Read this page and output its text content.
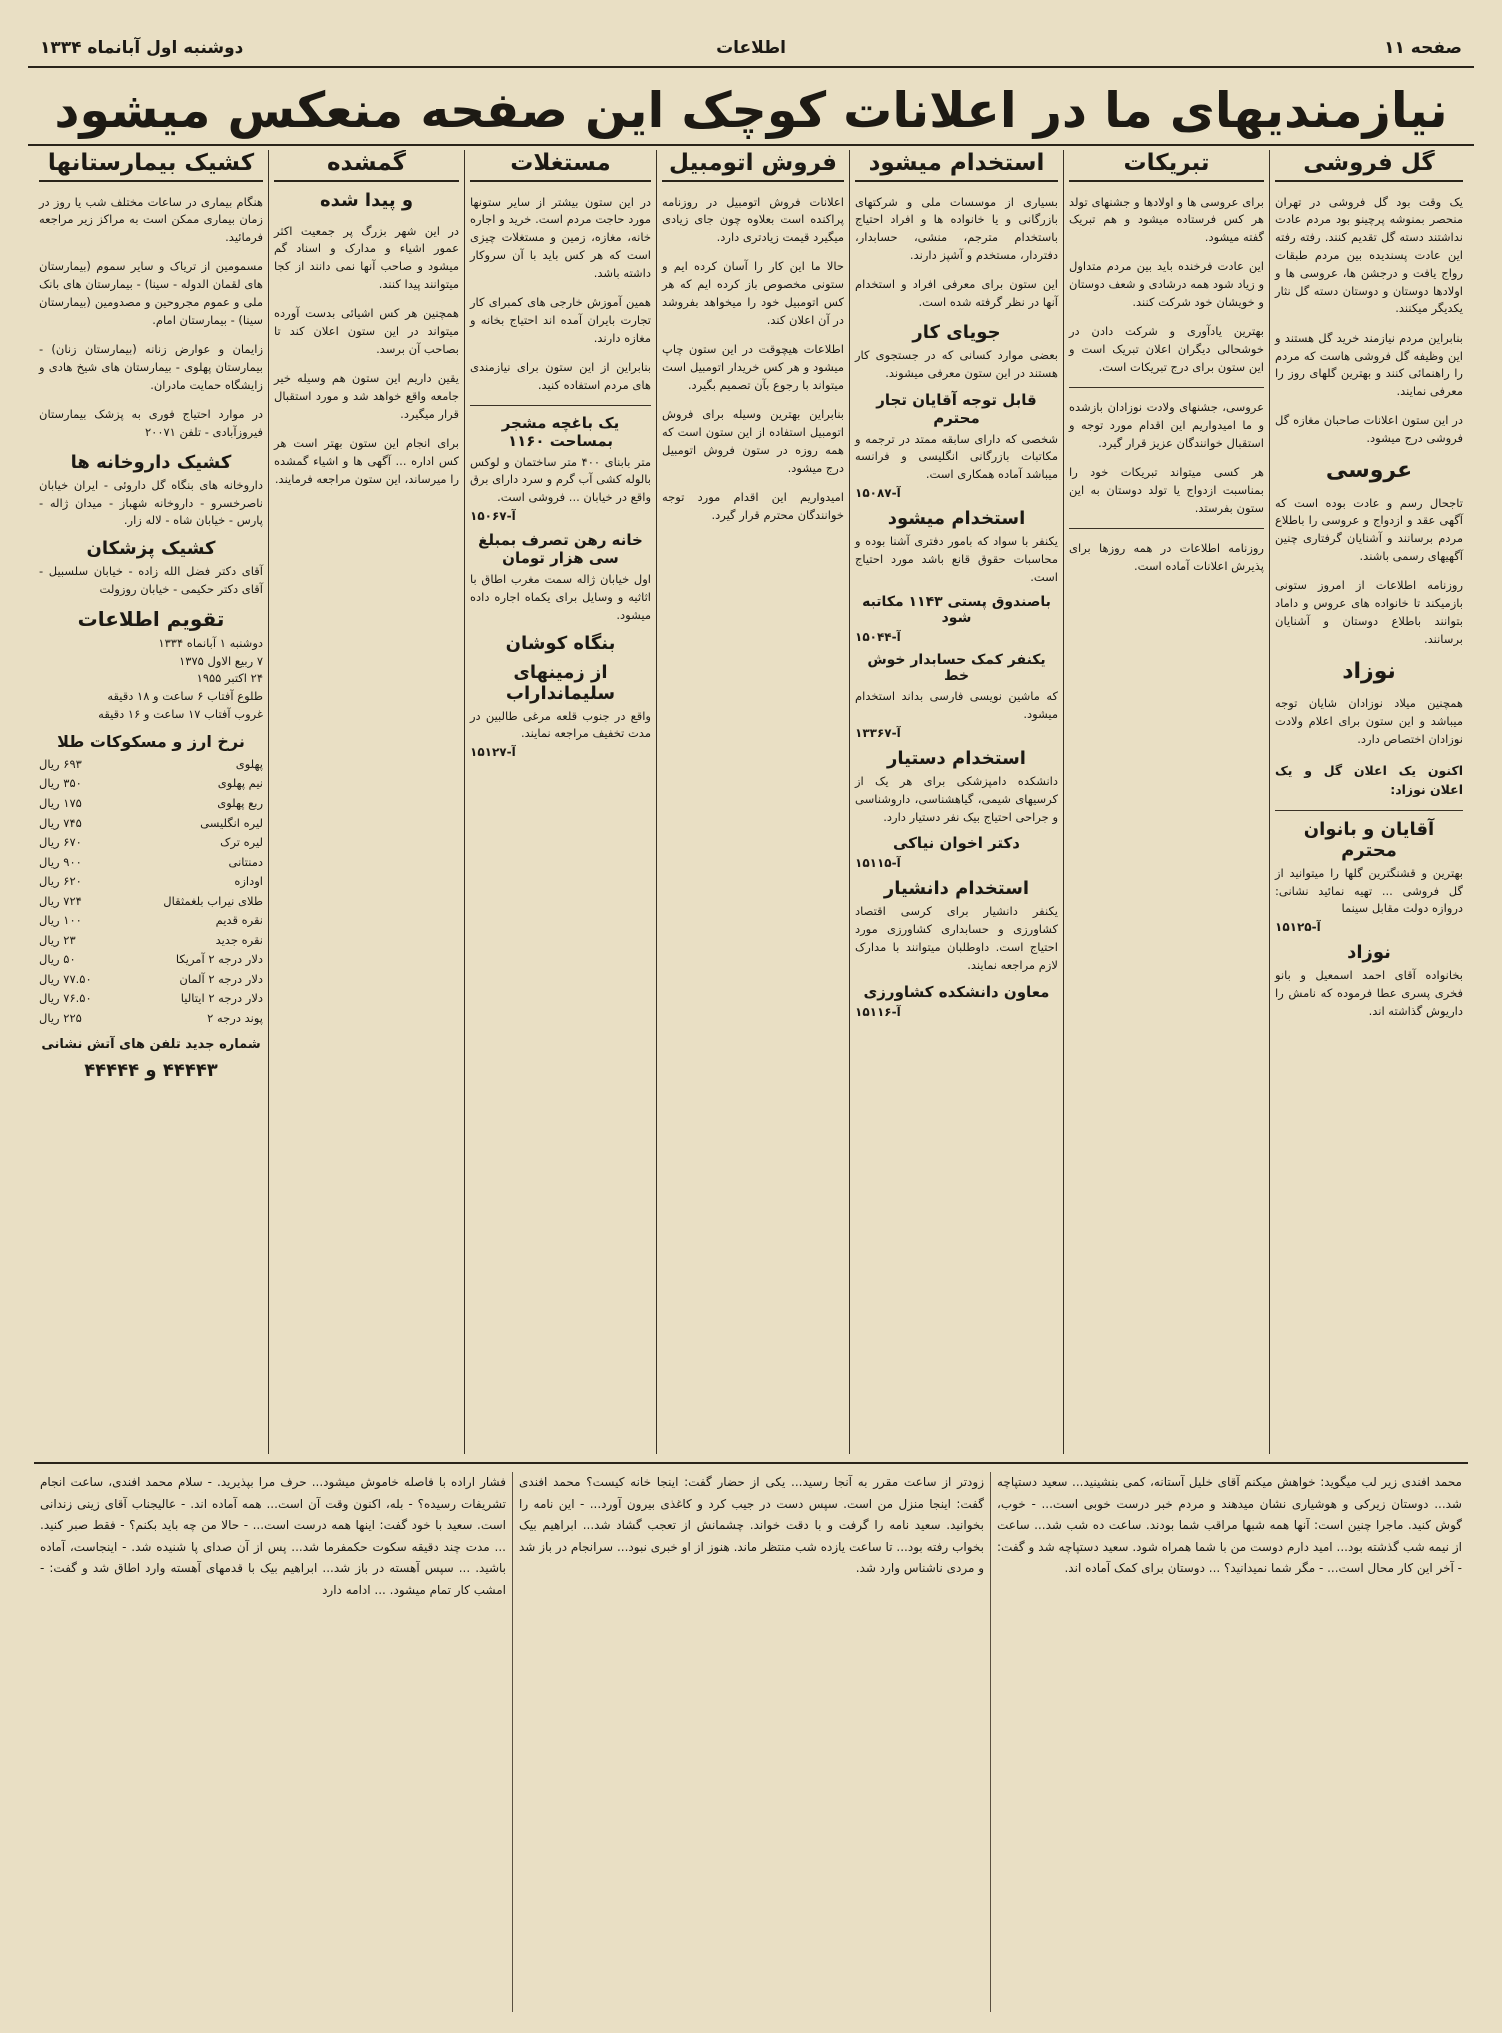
صفحه ۱۱
اطلاعات
دوشنبه اول آبانماه ۱۳۳۴
نیازمندیهای ما در اعلانات کوچک این صفحه منعکس میشود
گل فروشی

یک وقت بود گل فروشی در تهران منحصر بمنوشه پرچینو بود مردم عادت نداشتند دسته گل تقدیم کنند. رفته رفته این عادت پسندیده بین مردم طبقات رواج یافت و درجشن ها، عروسی ها و اولادها دوستان و دوستان دسته گل نثار یکدیگر میکنند.

بنابراین مردم نیازمند خرید گل هستند و این وظیفه گل فروشی هاست که مردم را راهنمائی کنند و بهترین گلهای روز را معرفی نمایند.

در این ستون اعلانات صاحبان مغازه گل فروشی درج میشود.

عروسی

تاجحال رسم و عادت بوده است که آگهی عقد و ازدواج و عروسی را باطلاع مردم برسانند و آشنایان گرفتاری چنین آگهیهای رسمی باشند.

روزنامه اطلاعات از امروز ستونی بازمیکند تا خانواده های عروس و داماد بتوانند باطلاع دوستان و آشنایان برسانند.

نوزاد

همچنین میلاد نوزادان شایان توجه میباشد و این ستون برای اعلام ولادت نوزادان اختصاص دارد.

اکنون یک اعلان گل و یک اعلان نوزاد:

آقایان و بانوان محترم
بهترین و قشنگترین گلها را میتوانید از گل فروشی ... تهیه نمائید نشانی: دروازه دولت مقابل سینما
آ-۱۵۱۲۵
نوزاد
بخانواده آقای احمد اسمعیل و بانو فخری پسری عطا فرموده که نامش را داریوش گذاشته اند.
تبریکات

برای عروسی ها و اولادها و جشنهای تولد هر کس فرستاده میشود و هم تبریک گفته میشود.

این عادت فرخنده باید بین مردم متداول و زیاد شود همه درشادی و شعف دوستان و خویشان خود شرکت کنند.

بهترین یادآوری و شرکت دادن در خوشحالی دیگران اعلان تبریک است و این ستون برای درج تبریکات است.

عروسی، جشنهای ولادت نوزادان بازشده و ما امیدواریم این اقدام مورد توجه و استقبال خوانندگان عزیز قرار گیرد.

هر کسی میتواند تبریکات خود را بمناسبت ازدواج یا تولد دوستان به این ستون بفرستد.

روزنامه اطلاعات در همه روزها برای پذیرش اعلانات آماده است.

استخدام میشود

بسیاری از موسسات ملی و شرکتهای بازرگانی و یا خانواده ها و افراد احتیاج باستخدام مترجم، منشی، حسابدار، دفتردار، مستخدم و آشپز دارند.

این ستون برای معرفی افراد و استخدام آنها در نظر گرفته شده است.

جویای کار
بعضی موارد کسانی که در جستجوی کار هستند در این ستون معرفی میشوند.
قابل توجه آقایان تجار محترم
شخصی که دارای سابقه ممتد در ترجمه و مکاتبات بازرگانی انگلیسی و فرانسه میباشد آماده همکاری است.
آ-۱۵۰۸۷
استخدام میشود
یکنفر با سواد که بامور دفتری آشنا بوده و محاسبات حقوق قانع باشد مورد احتیاج است.
باصندوق پستی ۱۱۴۳ مکاتبه شود
آ-۱۵۰۴۴
یکنفر کمک حسابدار خوش خط
که ماشین نویسی فارسی بداند استخدام میشود.
آ-۱۳۳۶۷
استخدام دستیار
دانشکده دامپزشکی برای هر یک از کرسیهای شیمی، گیاهشناسی، داروشناسی و جراحی احتیاج بیک نفر دستیار دارد.
دکتر اخوان نیاکی
آ-۱۵۱۱۵
استخدام دانشیار
یکنفر دانشیار برای کرسی اقتصاد کشاورزی و حسابداری کشاورزی مورد احتیاج است. داوطلبان میتوانند با مدارک لازم مراجعه نمایند.
معاون دانشکده کشاورزی
آ-۱۵۱۱۶
فروش اتومبیل

اعلانات فروش اتومبیل در روزنامه پراکنده است بعلاوه چون جای زیادی میگیرد قیمت زیادتری دارد.

حالا ما این کار را آسان کرده ایم و ستونی مخصوص باز کرده ایم که هر کس اتومبیل خود را میخواهد بفروشد در آن اعلان کند.

اطلاعات هیچوقت در این ستون چاپ میشود و هر کس خریدار اتومبیل است میتواند با رجوع بآن تصمیم بگیرد.

بنابراین بهترین وسیله برای فروش اتومبیل استفاده از این ستون است که همه روزه در ستون فروش اتومبیل درج میشود.

امیدواریم این اقدام مورد توجه خوانندگان محترم قرار گیرد.

مستغلات

در این ستون بیشتر از سایر ستونها مورد حاجت مردم است. خرید و اجاره خانه، مغازه، زمین و مستغلات چیزی است که هر کس باید با آن سروکار داشته باشد.

همین آموزش خارجی های کمبرای کار تجارت بایران آمده اند احتیاج بخانه و مغازه دارند.

بنابراین از این ستون برای نیازمندی های مردم استفاده کنید.

یک باغچه مشجر بمساحت ۱۱۶۰
متر بابنای ۴۰۰ متر ساختمان و لوکس بالوله کشی آب گرم و سرد دارای برق واقع در خیابان ... فروشی است.
آ-۱۵۰۶۷
خانه رهن تصرف بمبلغ سی هزار تومان
اول خیابان ژاله سمت مغرب اطاق با اثاثیه و وسایل برای یکماه اجاره داده میشود.
بنگاه کوشان
از زمینهای سلیمانداراب
واقع در جنوب قلعه مرغی طالبین در مدت تخفیف مراجعه نمایند.
آ-۱۵۱۲۷
گمشده
و پیدا شده

در این شهر بزرگ پر جمعیت اکثر عمور اشیاء و مدارک و اسناد گم میشود و صاحب آنها نمی دانند از کجا میتوانند پیدا کنند.

همچنین هر کس اشیائی بدست آورده میتواند در این ستون اعلان کند تا بصاحب آن برسد.

یقین داریم این ستون هم وسیله خیر جامعه واقع خواهد شد و مورد استقبال قرار میگیرد.

برای انجام این ستون بهتر است هر کس اداره ... آگهی ها و اشیاء گمشده را میرساند، این ستون مراجعه فرمایند.

کشیک بیمارستانها

هنگام بیماری در ساعات مختلف شب یا روز در زمان بیماری ممکن است به مراکز زیر مراجعه فرمائید.

مسمومین از تریاک و سایر سموم (بیمارستان های لقمان الدوله - سینا) - بیمارستان های بانک ملی و عموم مجروحین و مصدومین (بیمارستان سینا) - بیمارستان امام.

زایمان و عوارض زنانه (بیمارستان زنان) - بیمارستان پهلوی - بیمارستان های شیخ هادی و زایشگاه حمایت مادران.

در موارد احتیاج فوری به پزشک بیمارستان فیروزآبادی - تلفن ۲۰۰۷۱

کشیک داروخانه ها
داروخانه های بنگاه گل داروئی - ایران خیابان ناصرخسرو - داروخانه شهباز - میدان ژاله - پارس - خیابان شاه - لاله زار.
کشیک پزشکان
آقای دکتر فضل الله زاده - خیابان سلسبیل - آقای دکتر حکیمی - خیابان روزولت
تقویم اطلاعات
دوشنبه ۱ آبانماه ۱۳۳۴
۷ ربیع الاول ۱۳۷۵
۲۴ اکتبر ۱۹۵۵
طلوع آفتاب ۶ ساعت و ۱۸ دقیقه
غروب آفتاب ۱۷ ساعت و ۱۶ دقیقه
نرخ ارز و مسکوکات طلا
پهلوی
۶۹۳ ریال
نیم پهلوی
۳۵۰ ریال
ربع پهلوی
۱۷۵ ریال
لیره انگلیسی
۷۴۵ ریال
لیره ترک
۶۷۰ ریال
دمنتانی
۹۰۰ ریال
اودازه
۶۲۰ ریال
طلای نیراب بلغمثقال
۷۲۴ ریال
نقره قدیم
۱۰۰ ریال
نقره جدید
۲۳ ریال
دلار درجه ۲ آمریکا
۵۰ ریال
دلار درجه ۲ آلمان
۷۷.۵۰ ریال
دلار درجه ۲ ایتالیا
۷۶.۵۰ ریال
پوند درجه ۲
۲۲۵ ریال
شماره جدید تلفن های آتش نشانی
۴۴۴۴۳ و ۴۴۴۴۴
محمد افندی زیر لب میگوید: خواهش میکنم آقای خلیل آستانه، کمی بنشینید... سعید دستپاچه شد... دوستان زیرکی و هوشیاری نشان میدهند و مردم خبر درست خوبی است... - خوب، گوش کنید. ماجرا چنین است: آنها همه شبها مراقب شما بودند. ساعت ده شب شد... ساعت از نیمه شب گذشته بود... امید دارم دوست من با شما همراه شود. سعید دستپاچه شد و گفت: - آخر این کار محال است... - مگر شما نمیدانید؟ ... دوستان برای کمک آماده اند.
زودتر از ساعت مقرر به آنجا رسید... یکی از حضار گفت: اینجا خانه کیست؟ محمد افندی گفت: اینجا منزل من است. سپس دست در جیب کرد و کاغذی بیرون آورد... - این نامه را بخوانید. سعید نامه را گرفت و با دقت خواند. چشمانش از تعجب گشاد شد... ابراهیم بیک بخواب رفته بود... تا ساعت یازده شب منتظر ماند. هنوز از او خبری نبود... سرانجام در باز شد و مردی ناشناس وارد شد.
فشار اراده با فاصله خاموش میشود... حرف مرا بپذیرید. - سلام محمد افندی، ساعت انجام تشریفات رسیده؟ - بله، اکنون وقت آن است... همه آماده اند. - عالیجناب آقای زینی زندانی است. سعید با خود گفت: اینها همه درست است... - حالا من چه باید بکنم؟ - فقط صبر کنید. ... مدت چند دقیقه سکوت حکمفرما شد... پس از آن صدای پا شنیده شد. - اینجاست، آماده باشید. ... سپس آهسته در باز شد... ابراهیم بیک با قدمهای آهسته وارد اطاق شد و گفت: - امشب کار تمام میشود. ... ادامه دارد
